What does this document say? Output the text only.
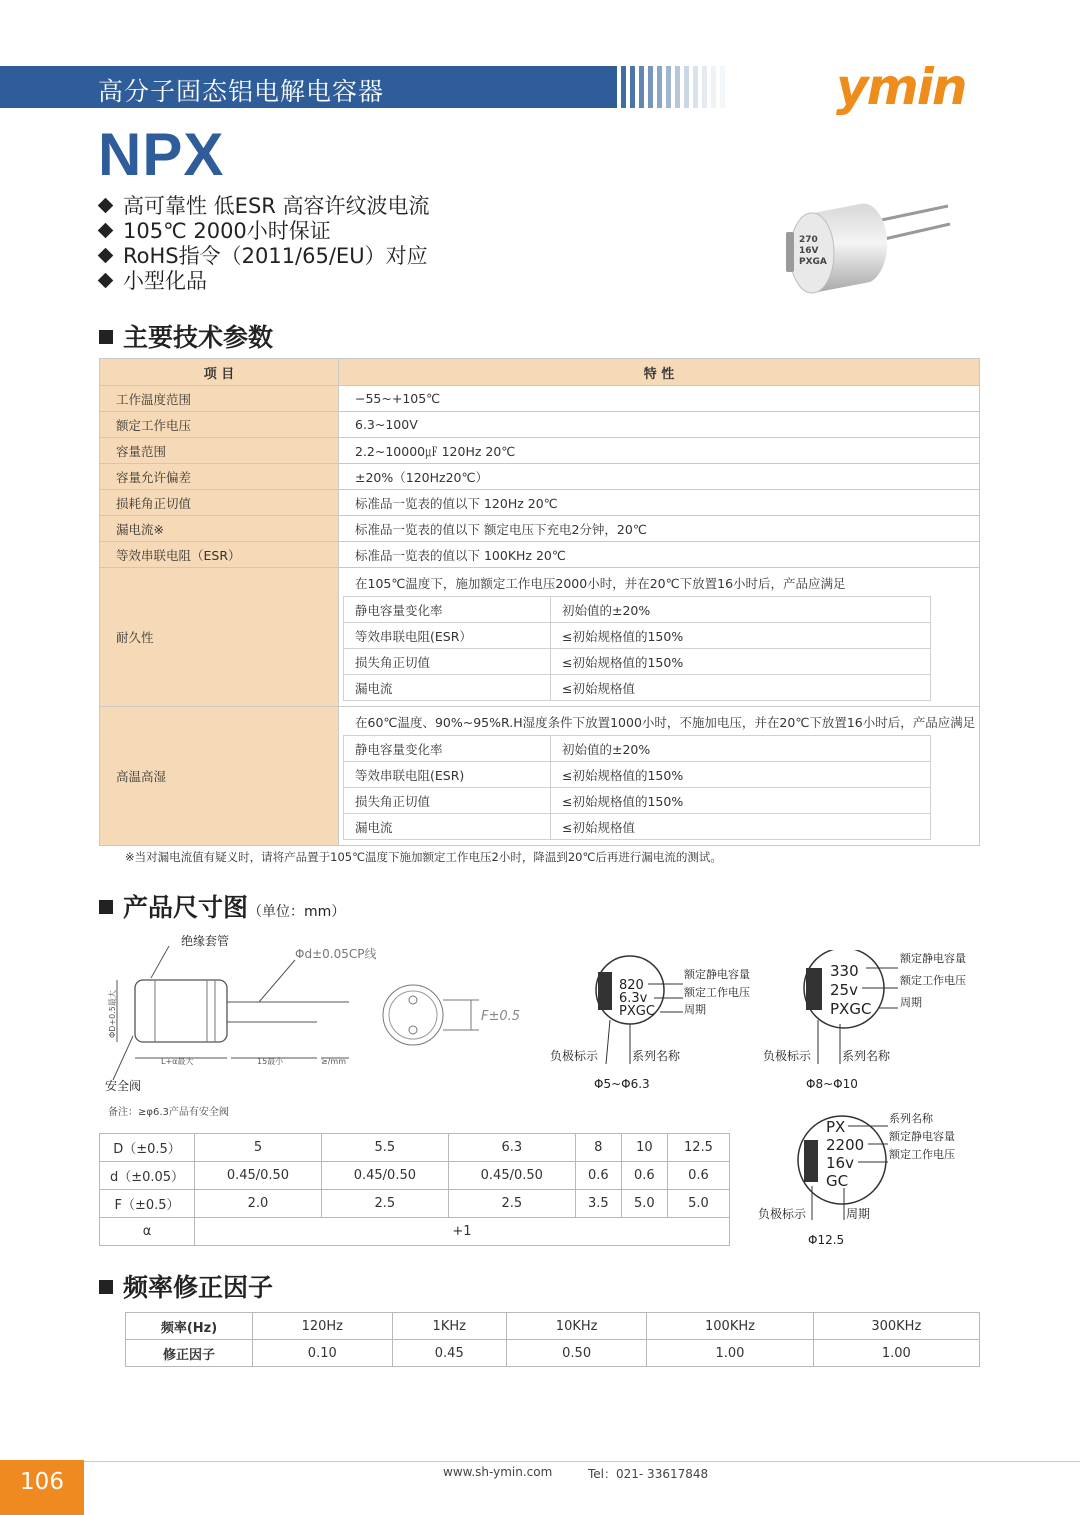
高分子固态铝电解电容器	ymin
NPX
高可靠性 低ESR 高容许纹波电流
105℃ 2000小时保证
RoHS指令（2011/65/EU）对应
小型化品
270
16V
PXGA
主要技术参数
项 目	特 性
工作温度范围	−55~+105℃
额定工作电压	6.3~100V
容量范围	2.2~10000㎌ 120Hz 20℃
容量允许偏差	±20%（120Hz20℃）
损耗角正切值	标准品一览表的值以下 120Hz 20℃
漏电流※	标准品一览表的值以下 额定电压下充电2分钟，20℃
等效串联电阻（ESR）	标准品一览表的值以下 100KHz 20℃
耐久性	
在105℃温度下，施加额定工作电压2000小时，并在20℃下放置16小时后，产品应满足
静电容量变化率	初始值的±20%
等效串联电阻(ESR）	≤初始规格值的150%
损失角正切值	≤初始规格值的150%
漏电流	≤初始规格值

高温高湿	
在60℃温度、90%~95%R.H湿度条件下放置1000小时，不施加电压，并在20℃下放置16小时后，产品应满足
静电容量变化率	初始值的±20%
等效串联电阻(ESR)	≤初始规格值的150%
损失角正切值	≤初始规格值的150%
漏电流	≤初始规格值
※当对漏电流值有疑义时，请将产品置于105℃温度下施加额定工作电压2小时，降温到20℃后再进行漏电流的测试。
产品尺寸图（单位：mm）
绝缘套管
Φd±0.05CP线
安全阀
ΦD+0.5最大
L+α最大	15最小	≥/mm
F±0.5
备注：≥φ6.3产品有安全阀
D（±0.5）	5	5.5	6.3	8	10	12.5
d（±0.05）	0.45/0.50	0.45/0.50	0.45/0.50	0.6	0.6	0.6
F（±0.5）	2.0	2.5	2.5	3.5	5.0	5.0
α	+1					
820
6.3v
PXGC
额定静电容量
额定工作电压
周期
负极标示	系列名称
Φ5~Φ6.3
330
25v
PXGC
额定静电容量
额定工作电压
周期
负极标示	系列名称
Φ8~Φ10
PX
2200
16v
GC
系列名称
额定静电容量
额定工作电压
负极标示	周期
Φ12.5
频率修正因子
频率(Hz)	120Hz	1KHz	10KHz	100KHz	300KHz
修正因子	0.10	0.45	0.50	1.00	1.00
106	www.sh-ymin.com	Tel：021- 33617848
